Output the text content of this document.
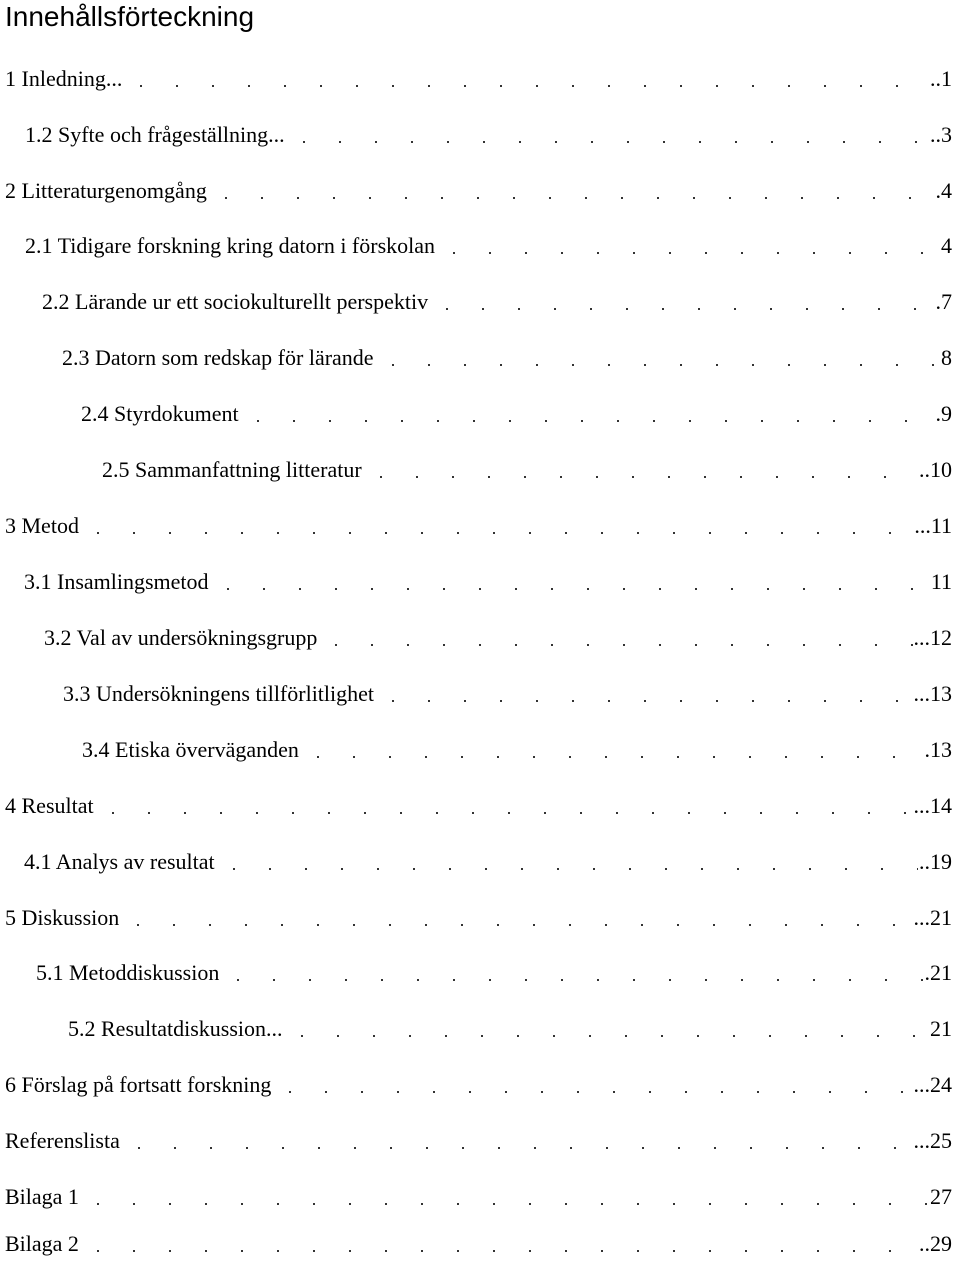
Innehållsförteckning
1 Inledning...	..1
1.2 Syfte och frågeställning...	..3
2 Litteraturgenomgång	.4
2.1 Tidigare forskning kring datorn i förskolan	4
2.2 Lärande ur ett sociokulturellt perspektiv	.7
2.3 Datorn som redskap för lärande	8
2.4 Styrdokument	.9
2.5 Sammanfattning litteratur	..10
3 Metod	...11
3.1 Insamlingsmetod	11
3.2 Val av undersökningsgrupp	...12
3.3 Undersökningens tillförlitlighet	...13
3.4 Etiska överväganden	.13
4 Resultat	...14
4.1 Analys av resultat	..19
5 Diskussion	...21
5.1 Metoddiskussion	.21
5.2 Resultatdiskussion...	21
6 Förslag på fortsatt forskning	...24
Referenslista	...25
Bilaga 1	27
Bilaga 2	..29
